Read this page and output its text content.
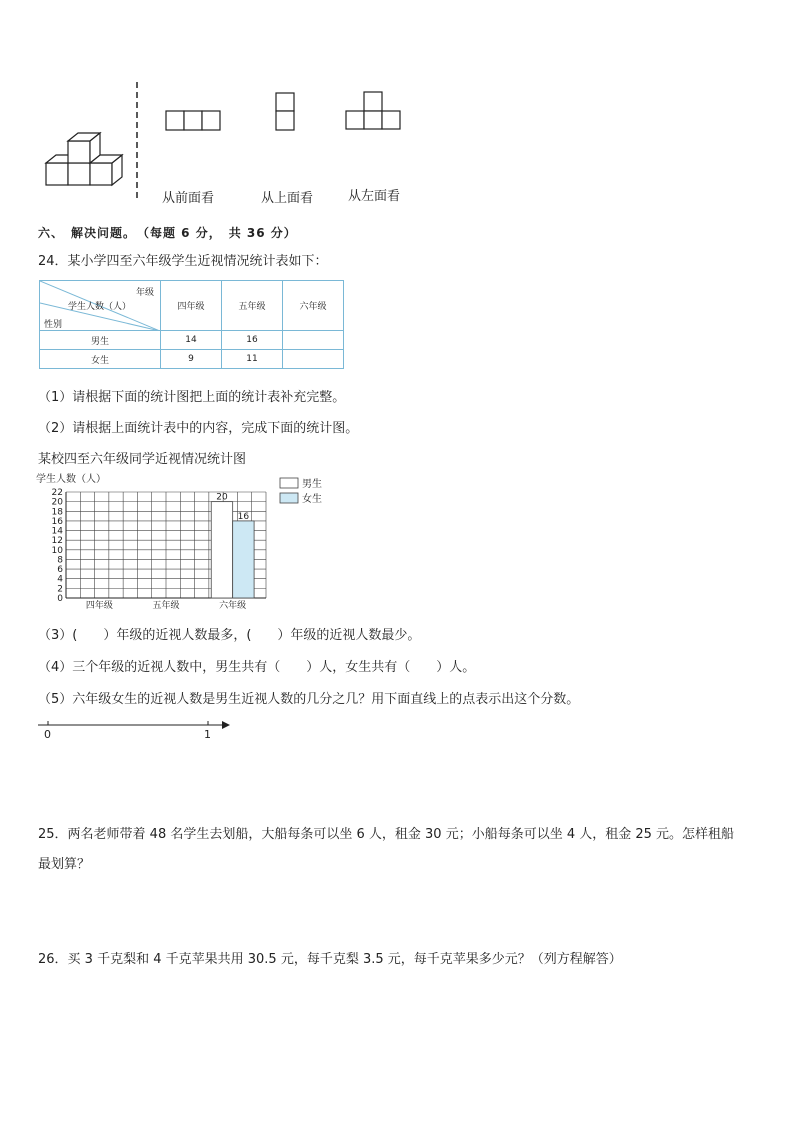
从前面看	从上面看	从左面看
六、　解决问题。　（每题 6 分，　共 36 分）
24．某小学四至六年级学生近视情况统计表如下：
年级
学生人数（人）
性别	四年级	五年级	六年级
男生	14	16	
女生	9	11	
（1）请根据下面的统计图把上面的统计表补充完整。
（2）请根据上面统计表中的内容，完成下面的统计图。
某校四至六年级同学近视情况统计图
学生人数（人）
0
2
4
6
8
10
12
14
16
18
20
22
四年级	五年级	六年级
20
16
男生
女生
（3）(　　）年级的近视人数最多，(　　）年级的近视人数最少。
（4）三个年级的近视人数中，男生共有（　　）人，女生共有（　　）人。
（5）六年级女生的近视人数是男生近视人数的几分之几？用下面直线上的点表示出这个分数。
0	1
25．两名老师带着 48 名学生去划船，大船每条可以坐 6 人，租金 30 元；小船每条可以坐 4 人，租金 25 元。怎样租船
最划算？
26．买 3 千克梨和 4 千克苹果共用 30.5 元，每千克梨 3.5 元，每千克苹果多少元？（列方程解答）
